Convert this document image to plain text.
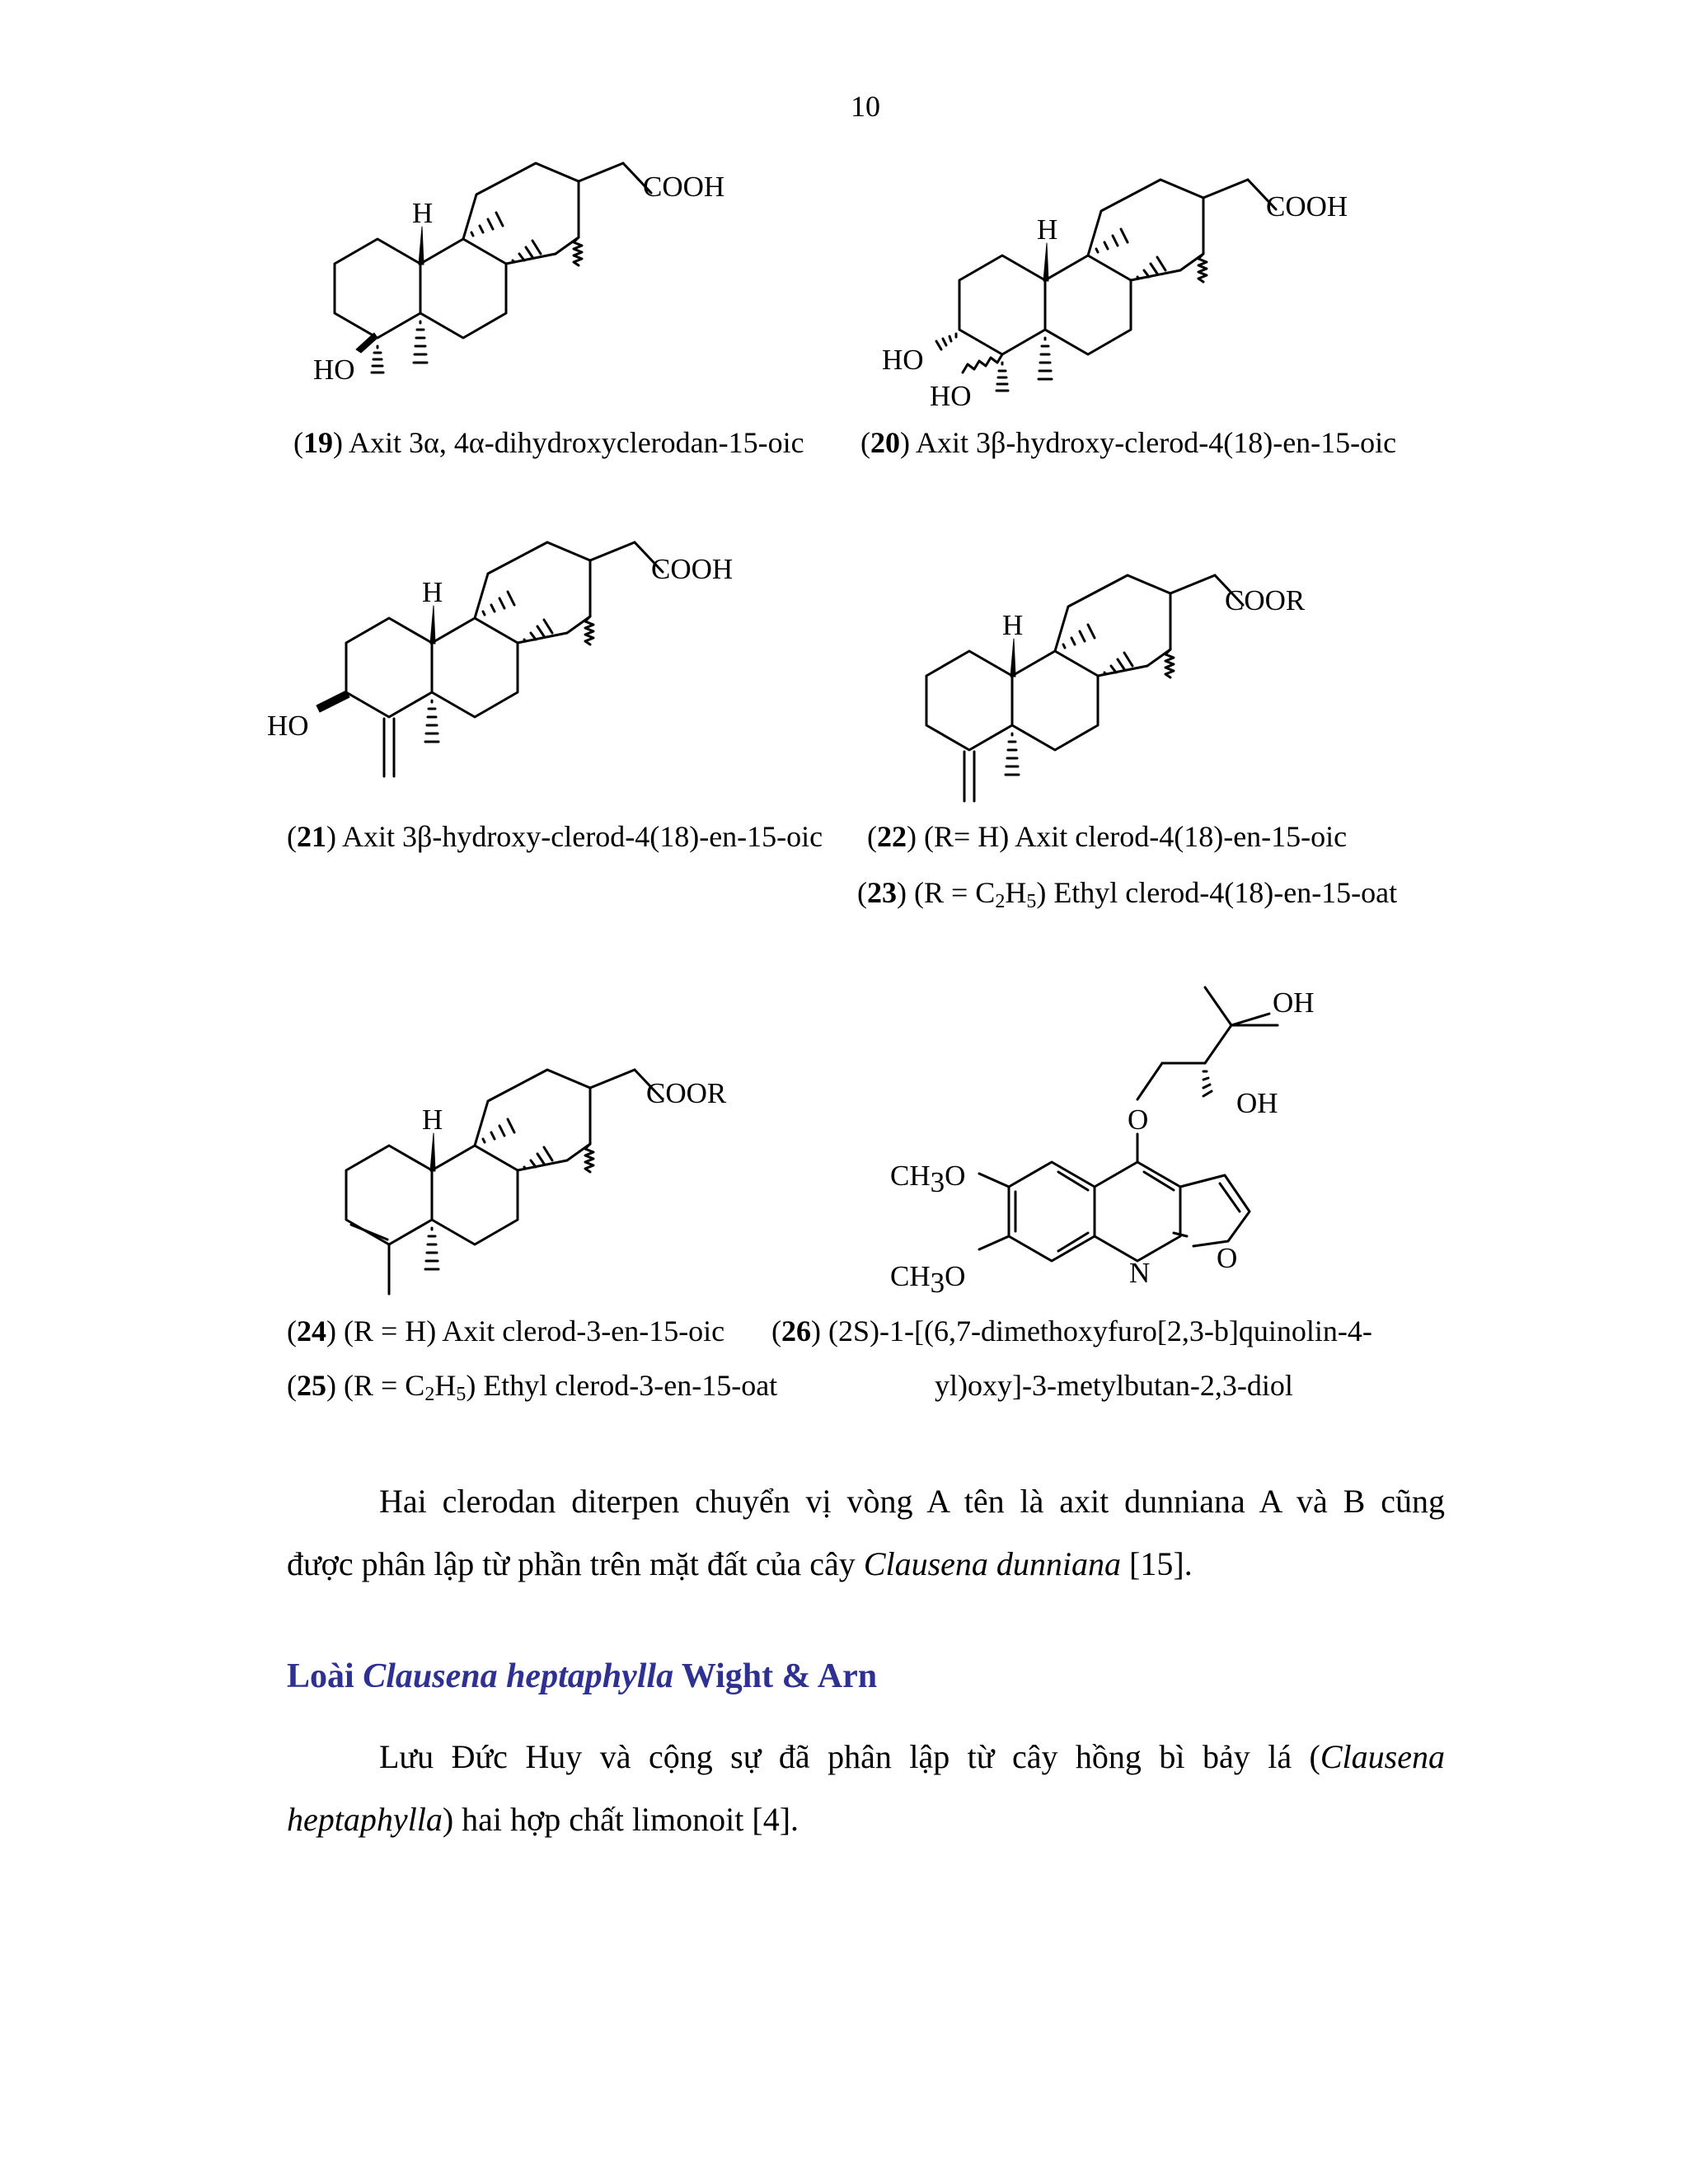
10
H
COOH
HO
(19) Axit 3α, 4α-dihydroxyclerodan-15-oic
H
COOH
HO
HO
(20) Axit 3β-hydroxy-clerod-4(18)-en-15-oic
H
COOH
HO
(21) Axit 3β-hydroxy-clerod-4(18)-en-15-oic
H
COOR
(22) (R= H) Axit clerod-4(18)-en-15-oic
(23) $(R = C_2H_5)$ Ethyl clerod-4(18)-en-15-oat
H
COOR
(24) (R = H) Axit clerod-3-en-15-oic
(25) $(R = C_2H_5)$ Ethyl clerod-3-en-15-oat
OH
OH
O
O
N
CH3O
CH3O
(26) (2S)-1-[(6,7-dimethoxyfuro[2,3-b]quinolin-4-
yl)oxy]-3-metylbutan-2,3-diol

Hai clerodan diterpen chuyển vị vòng A tên là axit dunniana A và B cũng

được phân lập từ phần trên mặt đất của cây Clausena dunniana [15].

Loài Clausena heptaphylla Wight & Arn

Lưu Đức Huy và cộng sự đã phân lập từ cây hồng bì bảy lá (Clausena

heptaphylla) hai hợp chất limonoit [4].
